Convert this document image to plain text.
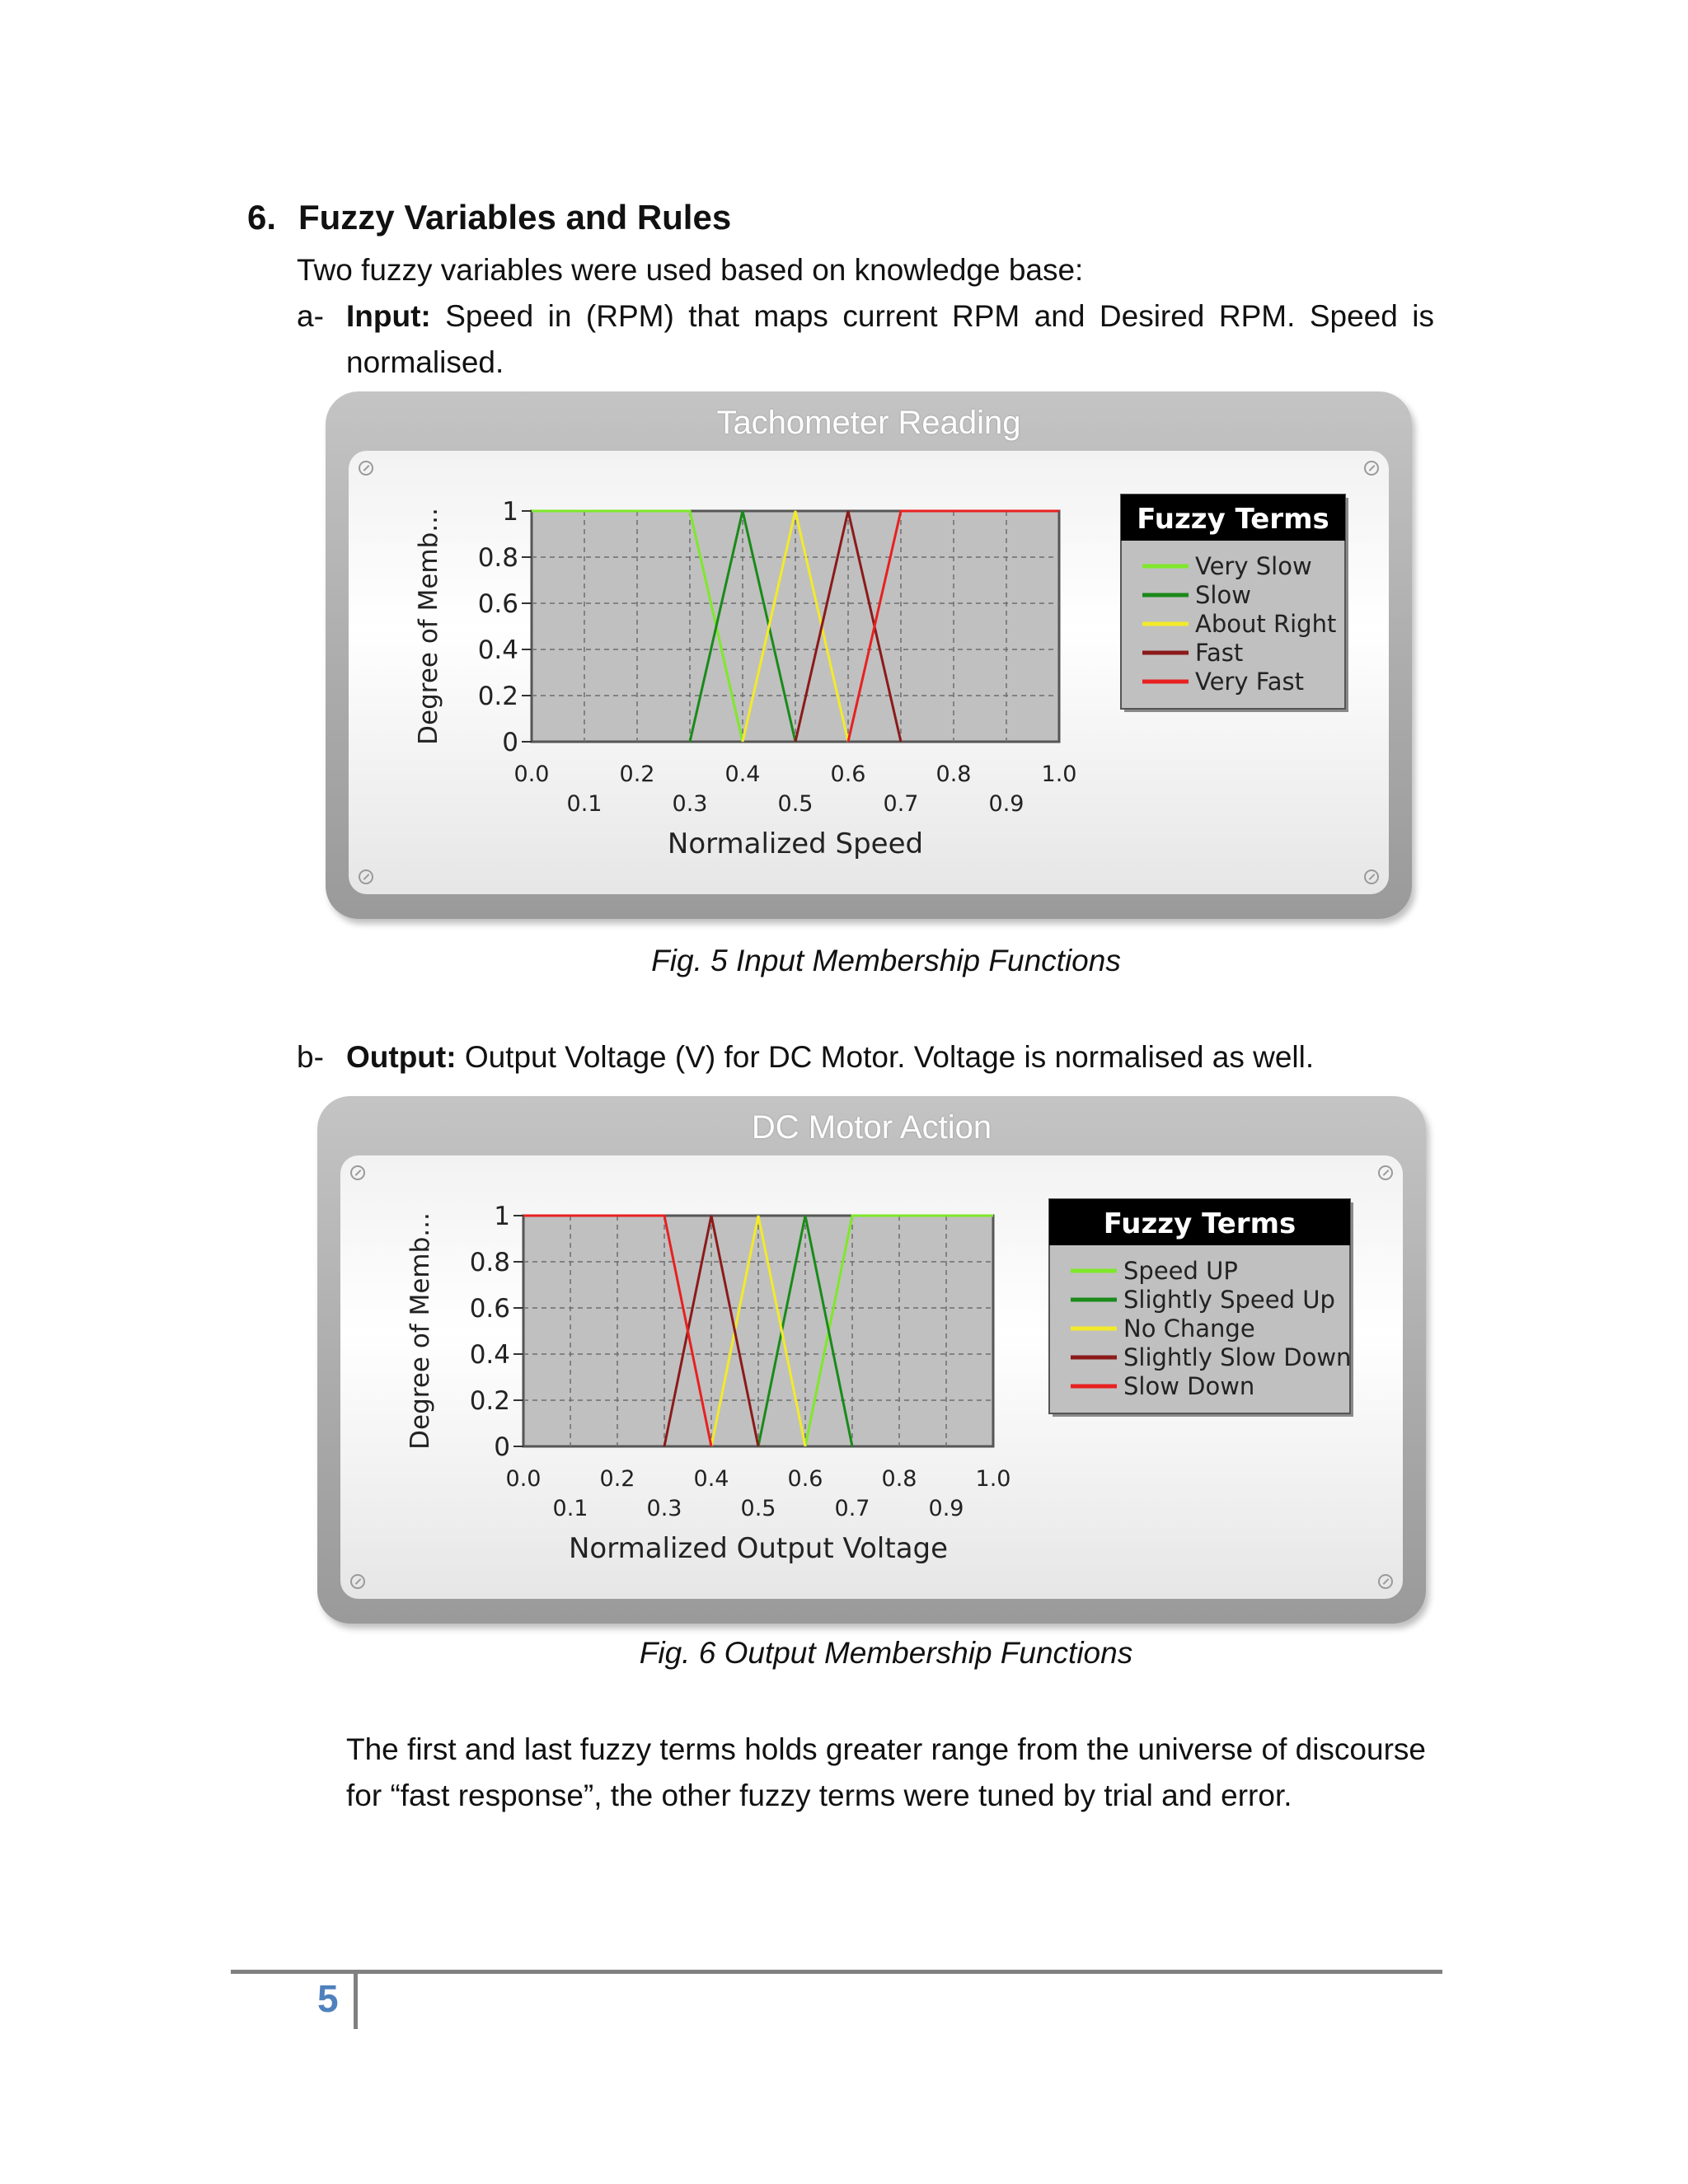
6. Fuzzy Variables and Rules
Two fuzzy variables were used based on knowledge base:
a- Input: Speed in (RPM) that maps current RPM and Desired RPM. Speed is
normalised.
Tachometer Reading
0
0.2
0.4
0.6
0.8
1
0.0	0.2	0.4	0.6	0.8	1.0
0.1	0.3	0.5	0.7	0.9
Normalized Speed
Degree of Memb...	Fuzzy Terms
Very Slow
Slow
About Right
Fast
Very Fast
Fig. 5 Input Membership Functions
b- Output: Output Voltage (V) for DC Motor. Voltage is normalised as well.
DC Motor Action
0
0.2
0.4
0.6
0.8
1
0.0	0.2	0.4	0.6	0.8	1.0
0.1	0.3	0.5	0.7	0.9
Normalized Output Voltage
Degree of Memb...	Fuzzy Terms
Speed UP
Slightly Speed Up
No Change
Slightly Slow Down
Slow Down
Fig. 6 Output Membership Functions
The first and last fuzzy terms holds greater range from the universe of discourse
for “fast response”, the other fuzzy terms were tuned by trial and error.
5
